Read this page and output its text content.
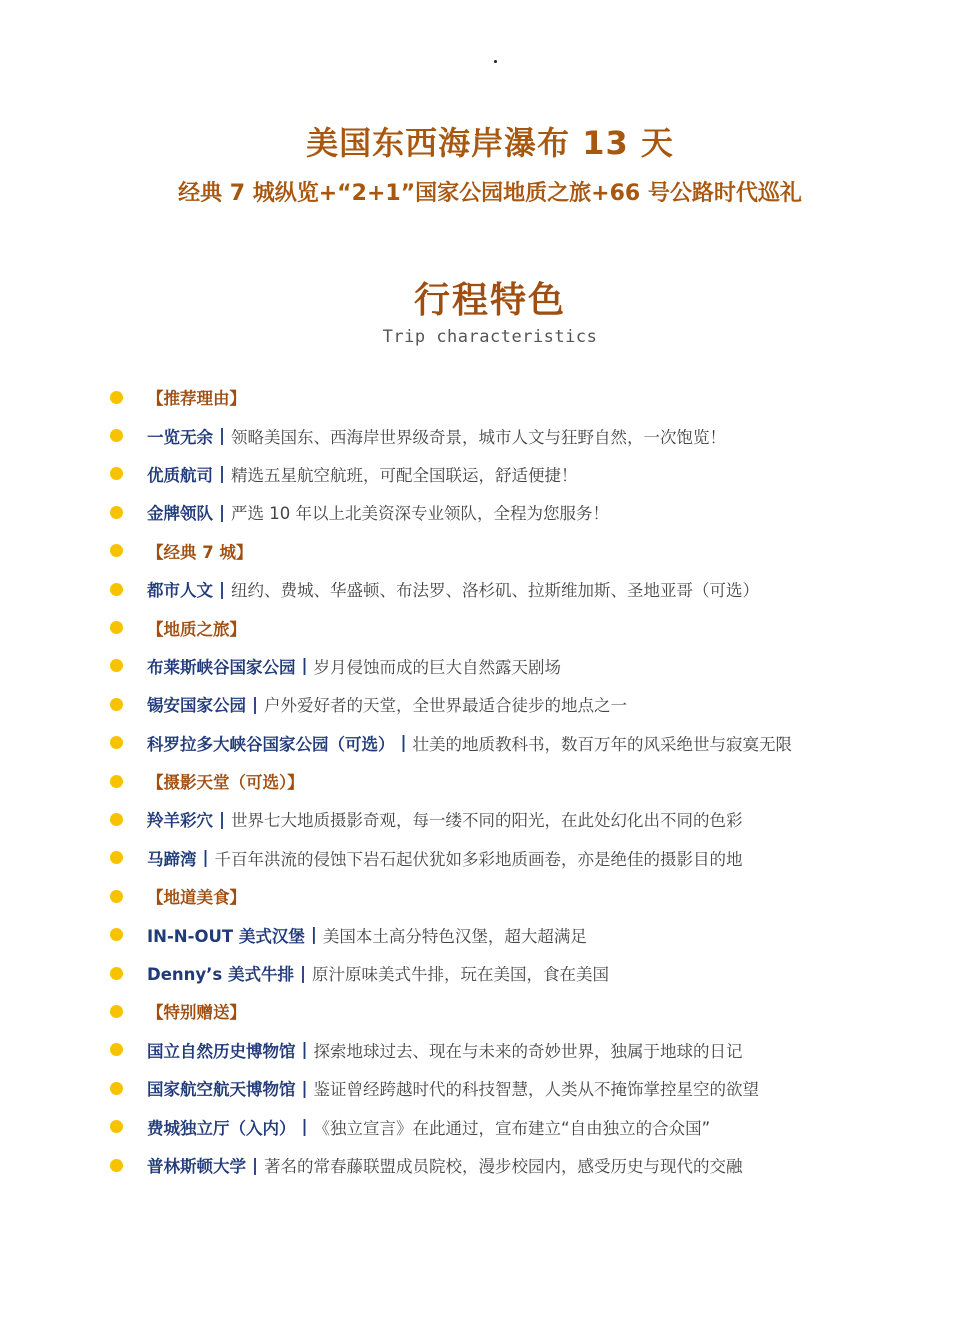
美国东西海岸瀑布 13 天
经典 7 城纵览+“2+1”国家公园地质之旅+66 号公路时代巡礼
行程特色
Trip characteristics
【推荐理由】
一览无余 | 领略美国东、西海岸世界级奇景，城市人文与狂野自然，一次饱览！
优质航司 | 精选五星航空航班，可配全国联运，舒适便捷！
金牌领队 | 严选 10 年以上北美资深专业领队，全程为您服务！
【经典 7 城】
都市人文 | 纽约、费城、华盛顿、布法罗、洛杉矶、拉斯维加斯、圣地亚哥（可选）
【地质之旅】
布莱斯峡谷国家公园 | 岁月侵蚀而成的巨大自然露天剧场
锡安国家公园 | 户外爱好者的天堂，全世界最适合徒步的地点之一
科罗拉多大峡谷国家公园（可选） | 壮美的地质教科书，数百万年的风采绝世与寂寞无限
【摄影天堂（可选）】
羚羊彩穴 | 世界七大地质摄影奇观，每一缕不同的阳光，在此处幻化出不同的色彩
马蹄湾 | 千百年洪流的侵蚀下岩石起伏犹如多彩地质画卷，亦是绝佳的摄影目的地
【地道美食】
IN-N-OUT 美式汉堡 | 美国本土高分特色汉堡，超大超满足
Denny’s 美式牛排 | 原汁原味美式牛排，玩在美国，食在美国
【特别赠送】
国立自然历史博物馆 | 探索地球过去、现在与未来的奇妙世界，独属于地球的日记
国家航空航天博物馆 | 鉴证曾经跨越时代的科技智慧，人类从不掩饰掌控星空的欲望
费城独立厅（入内） | 《独立宣言》在此通过，宣布建立“自由独立的合众国”
普林斯顿大学 | 著名的常春藤联盟成员院校，漫步校园内，感受历史与现代的交融
